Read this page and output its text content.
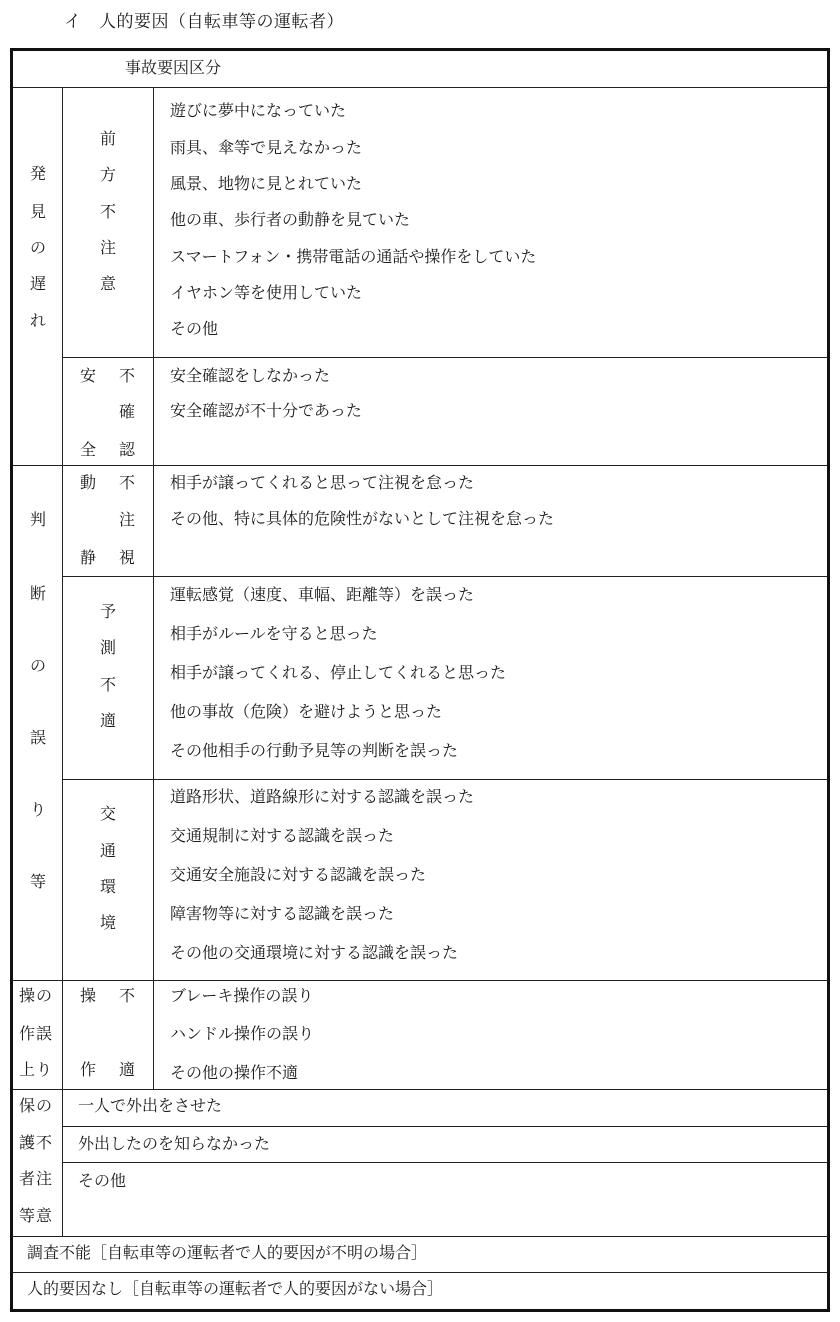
イ　人的要因（自転車等の運転者）
事故要因区分
発
見
の
遅
れ
前
方
不
注
意
遊びに夢中になっていた
雨具、傘等で見えなかった
風景、地物に見とれていた
他の車、歩行者の動静を見ていた
スマートフォン・携帯電話の通話や操作をしていた
イヤホン等を使用していた
その他
安 不
確
全 認
安全確認をしなかった
安全確認が不十分であった
判
断
の
誤
り
等
動 不
注
静 視
相手が譲ってくれると思って注視を怠った
その他、特に具体的危険性がないとして注視を怠った
予
測
不
適
運転感覚（速度、車幅、距離等）を誤った
相手がルールを守ると思った
相手が譲ってくれる、停止してくれると思った
他の事故（危険）を避けようと思った
その他相手の行動予見等の判断を誤った
交
通
環
境
道路形状、道路線形に対する認識を誤った
交通規制に対する認識を誤った
交通安全施設に対する認識を誤った
障害物等に対する認識を誤った
その他の交通環境に対する認識を誤った
操の
作誤
上り
操 不
作 適
ブレーキ操作の誤り
ハンドル操作の誤り
その他の操作不適
保の
護不
者注
等意
一人で外出をさせた
外出したのを知らなかった
その他
調査不能［自転車等の運転者で人的要因が不明の場合］
人的要因なし［自転車等の運転者で人的要因がない場合］
